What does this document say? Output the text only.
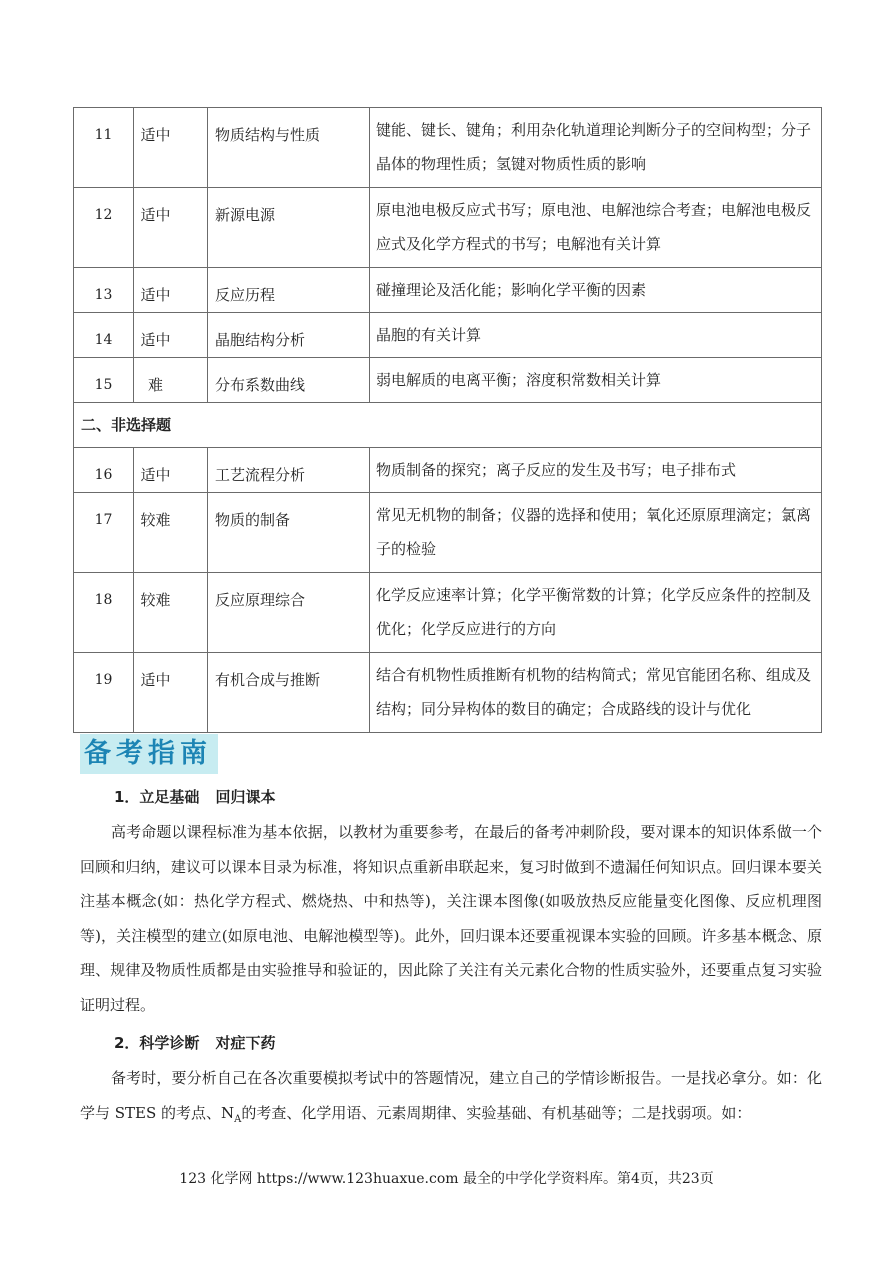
11	适中	物质结构与性质	键能、键长、键角；利用杂化轨道理论判断分子的空间构型；分子晶体的物理性质；氢键对物质性质的影响
12	适中	新源电源	原电池电极反应式书写；原电池、电解池综合考查；电解池电极反应式及化学方程式的书写；电解池有关计算
13	适中	反应历程	碰撞理论及活化能；影响化学平衡的因素
14	适中	晶胞结构分析	晶胞的有关计算
15	难	分布系数曲线	弱电解质的电离平衡；溶度积常数相关计算
二、非选择题			
16	适中	工艺流程分析	物质制备的探究；离子反应的发生及书写；电子排布式
17	较难	物质的制备	常见无机物的制备；仪器的选择和使用；氧化还原原理滴定；氯离子的检验
18	较难	反应原理综合	化学反应速率计算；化学平衡常数的计算；化学反应条件的控制及优化；化学反应进行的方向
19	适中	有机合成与推断	结合有机物性质推断有机物的结构简式；常见官能团名称、组成及结构；同分异构体的数目的确定；合成路线的设计与优化
备考指南
1．立足基础 回归课本
高考命题以课程标准为基本依据，以教材为重要参考，在最后的备考冲刺阶段，要对课本的知识体系做一个回顾和归纳，建议可以课本目录为标准，将知识点重新串联起来，复习时做到不遗漏任何知识点。回归课本要关注基本概念(如：热化学方程式、燃烧热、中和热等)，关注课本图像(如吸放热反应能量变化图像、反应机理图等)，关注模型的建立(如原电池、电解池模型等)。此外，回归课本还要重视课本实验的回顾。许多基本概念、原理、规律及物质性质都是由实验推导和验证的，因此除了关注有关元素化合物的性质实验外，还要重点复习实验证明过程。
2．科学诊断 对症下药
备考时，要分析自己在各次重要模拟考试中的答题情况，建立自己的学情诊断报告。一是找必拿分。如：化学与 STES 的考点、$N_A$的考查、化学用语、元素周期律、实验基础、有机基础等；二是找弱项。如：
123 化学网 https://www.123huaxue.com 最全的中学化学资料库。第4页，共23页
